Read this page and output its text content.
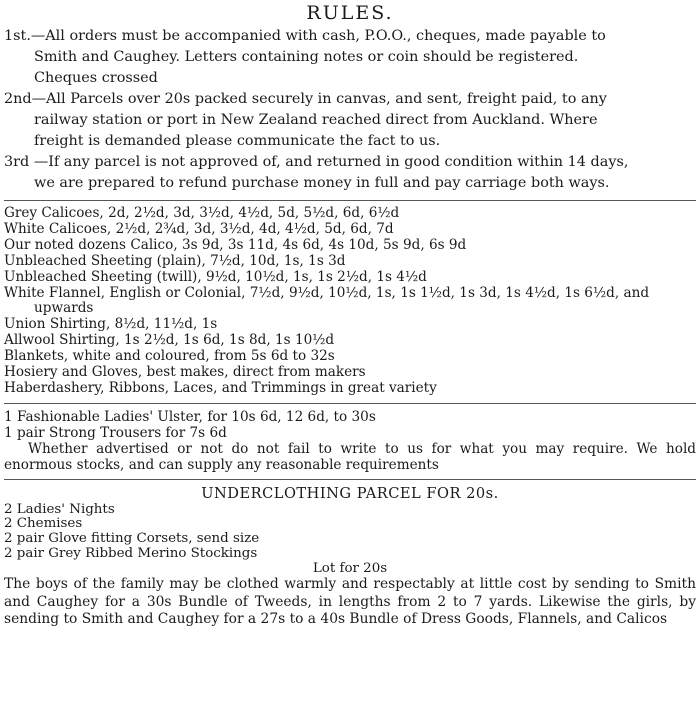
RULES.
1st.—All orders must be accompanied with cash, P.O.O., cheques, made payable to
Smith and Caughey. Letters containing notes or coin should be registered.
Cheques crossed
2nd—All Parcels over 20s packed securely in canvas, and sent, freight paid, to any
railway station or port in New Zealand reached direct from Auckland. Where
freight is demanded please communicate the fact to us.
3rd —If any parcel is not approved of, and returned in good condition within 14 days,
we are prepared to refund purchase money in full and pay carriage both ways.
Grey Calicoes, 2d, 2½d, 3d, 3½d, 4½d, 5d, 5½d, 6d, 6½d
White Calicoes, 2½d, 2¾d, 3d, 3½d, 4d, 4½d, 5d, 6d, 7d
Our noted dozens Calico, 3s 9d, 3s 11d, 4s 6d, 4s 10d, 5s 9d, 6s 9d
Unbleached Sheeting (plain), 7½d, 10d, 1s, 1s 3d
Unbleached Sheeting (twill), 9½d, 10½d, 1s, 1s 2½d, 1s 4½d
White Flannel, English or Colonial, 7½d, 9½d, 10½d, 1s, 1s 1½d, 1s 3d, 1s 4½d, 1s 6½d, and
upwards
Union Shirting, 8½d, 11½d, 1s
Allwool Shirting, 1s 2½d, 1s 6d, 1s 8d, 1s 10½d
Blankets, white and coloured, from 5s 6d to 32s
Hosiery and Gloves, best makes, direct from makers
Haberdashery, Ribbons, Laces, and Trimmings in great variety
1 Fashionable Ladies' Ulster, for 10s 6d, 12 6d, to 30s
1 pair Strong Trousers for 7s 6d
Whether advertised or not do not fail to write to us for what you may require. We hold enormous stocks, and can supply any reasonable requirements
UNDERCLOTHING PARCEL FOR 20s.
2 Ladies' Nights
2 Chemises
2 pair Glove fitting Corsets, send size
2 pair Grey Ribbed Merino Stockings
Lot for 20s
The boys of the family may be clothed warmly and respectably at little cost by sending to Smith and Caughey for a 30s Bundle of Tweeds, in lengths from 2 to 7 yards. Likewise the girls, by sending to Smith and Caughey for a 27s to a 40s Bundle of Dress Goods, Flannels, and Calicos
